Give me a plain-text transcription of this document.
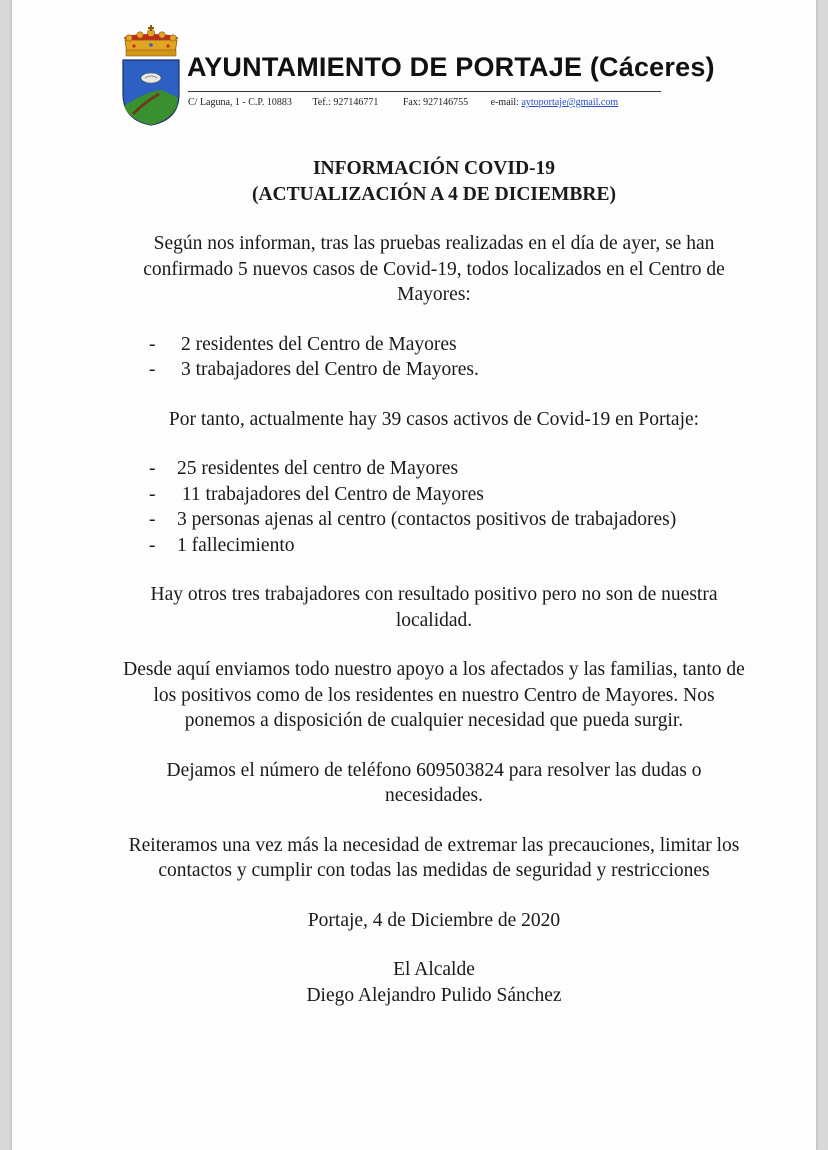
AYUNTAMIENTO DE PORTAJE (Cáceres)
C/ Laguna, 1 - C.P. 10883 Tef.: 927146771 Fax: 927146755 e-mail: aytoportaje@gmail.com
INFORMACIÓN COVID-19
(ACTUALIZACIÓN A 4 DE DICIEMBRE)

Según nos informan, tras las pruebas realizadas en el día de ayer, se han confirmado 5 nuevos casos de Covid-19, todos localizados en el Centro de Mayores:

- 2 residentes del Centro de Mayores
- 3 trabajadores del Centro de Mayores.

Por tanto, actualmente hay 39 casos activos de Covid-19 en Portaje:

- 25 residentes del centro de Mayores
-  11 trabajadores del Centro de Mayores
- 3 personas ajenas al centro (contactos positivos de trabajadores)
- 1 fallecimiento

Hay otros tres trabajadores con resultado positivo pero no son de nuestra localidad.

Desde aquí enviamos todo nuestro apoyo a los afectados y las familias, tanto de los positivos como de los residentes en nuestro Centro de Mayores. Nos ponemos a disposición de cualquier necesidad que pueda surgir.

Dejamos el número de teléfono 609503824 para resolver las dudas o necesidades.

Reiteramos una vez más la necesidad de extremar las precauciones, limitar los contactos y cumplir con todas las medidas de seguridad y restricciones

Portaje, 4 de Diciembre de 2020

El Alcalde

Diego Alejandro Pulido Sánchez
